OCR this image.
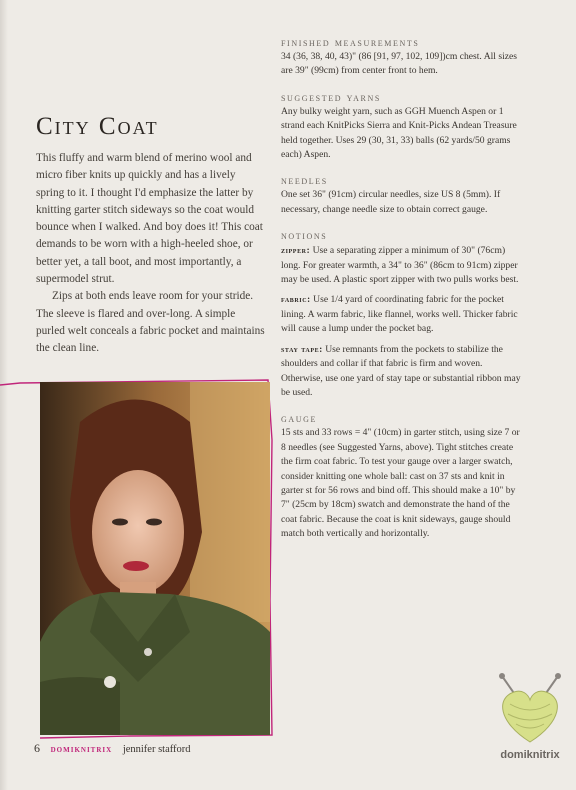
City Coat

This fluffy and warm blend of merino wool and micro fiber knits up quickly and has a lively spring to it. I thought I'd emphasize the latter by knitting garter stitch sideways so the coat would bounce when I walked. And boy does it! This coat demands to be worn with a high-heeled shoe, or better yet, a tall boot, and most importantly, a supermodel strut.

Zips at both ends leave room for your stride. The sleeve is flared and over-long. A simple purled welt conceals a fabric pocket and maintains the clean line.

finished measurements

34 (36, 38, 40, 43)" (86 [91, 97, 102, 109])cm chest. All sizes are 39" (99cm) from center front to hem.

suggested yarns

Any bulky weight yarn, such as GGH Muench Aspen or 1 strand each KnitPicks Sierra and Knit-Picks Andean Treasure held together. Uses 29 (30, 31, 33) balls (62 yards/50 grams each) Aspen.

needles

One set 36" (91cm) circular needles, size US 8 (5mm). If necessary, change needle size to obtain correct gauge.

notions

zipper: Use a separating zipper a minimum of 30" (76cm) long. For greater warmth, a 34" to 36" (86cm to 91cm) zipper may be used. A plastic sport zipper with two pulls works best.

fabric: Use 1/4 yard of coordinating fabric for the pocket lining. A warm fabric, like flannel, works well. Thicker fabric will cause a lump under the pocket bag.

stay tape: Use remnants from the pockets to stabilize the shoulders and collar if that fabric is firm and woven. Otherwise, use one yard of stay tape or substantial ribbon may be used.

gauge

15 sts and 33 rows = 4" (10cm) in garter stitch, using size 7 or 8 needles (see Suggested Yarns, above). Tight stitches create the firm coat fabric. To test your gauge over a larger swatch, consider knitting one whole ball: cast on 37 sts and knit in garter st for 56 rows and bind off. This should make a 10" by 7" (25cm by 18cm) swatch and demonstrate the hand of the coat fabric. Because the coat is knit sideways, gauge should match both vertically and horizontally.

6 domiknitrix jennifer stafford	domiknitrix
